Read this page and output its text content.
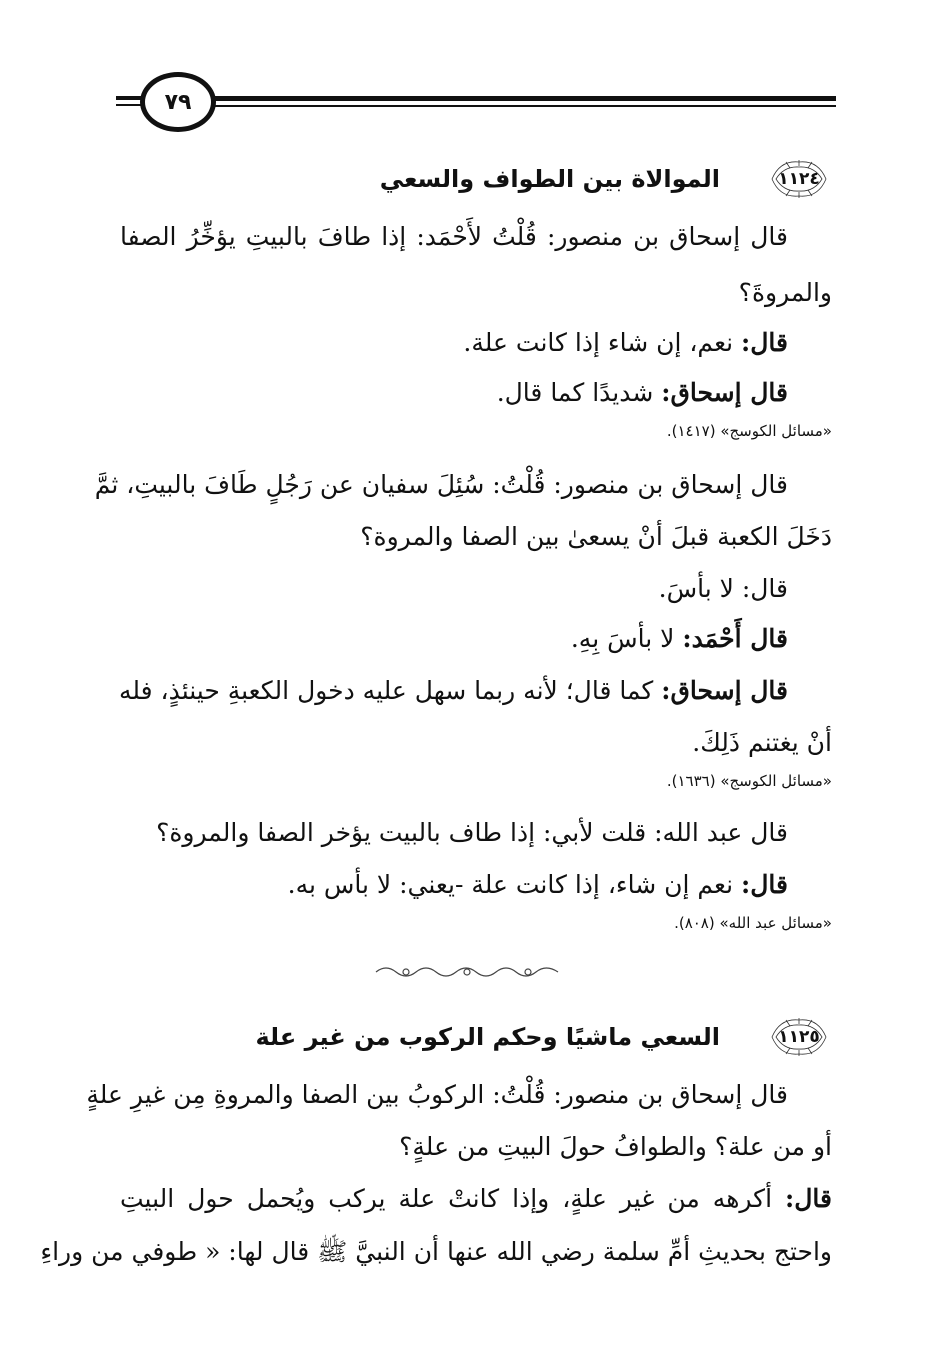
٧٩
١١٢٤
الموالاة بين الطواف والسعي
قال إسحاق بن منصور: قُلْتُ لأَحْمَد: إذا طافَ بالبيتِ يؤخِّرُ الصفا
والمروةَ؟
قال: نعم، إن شاء إذا كانت علة.
قال إسحاق: شديدًا كما قال.
«مسائل الكوسج» (١٤١٧).
قال إسحاق بن منصور: قُلْتُ: سُئِلَ سفيان عن رَجُلٍ طَافَ بالبيتِ، ثمَّ
دَخَلَ الكعبة قبلَ أنْ يسعىٰ بين الصفا والمروة؟
قال: لا بأسَ.
قال أَحْمَد: لا بأسَ بِهِ.
قال إسحاق: كما قال؛ لأنه ربما سهل عليه دخول الكعبةِ حينئذٍ، فله
أنْ يغتنم ذَلِكَ.
«مسائل الكوسج» (١٦٣٦).
قال عبد الله: قلت لأبي: إذا طاف بالبيت يؤخر الصفا والمروة؟
قال: نعم إن شاء، إذا كانت علة -يعني: لا بأس به.
«مسائل عبد الله» (٨٠٨).
١١٢٥
السعي ماشيًا وحكم الركوب من غير علة
قال إسحاق بن منصور: قُلْتُ: الركوبُ بين الصفا والمروةِ مِن غيرِ علةٍ
أو من علة؟ والطوافُ حولَ البيتِ من علةٍ؟
قال: أكرهه من غير علةٍ، وإذا كانتْ علة يركب ويُحمل حول البيتِ
واحتج بحديثِ أمِّ سلمة رضي الله عنها أن النبيَّ ﷺ قال لها: « طوفي من وراءِ
